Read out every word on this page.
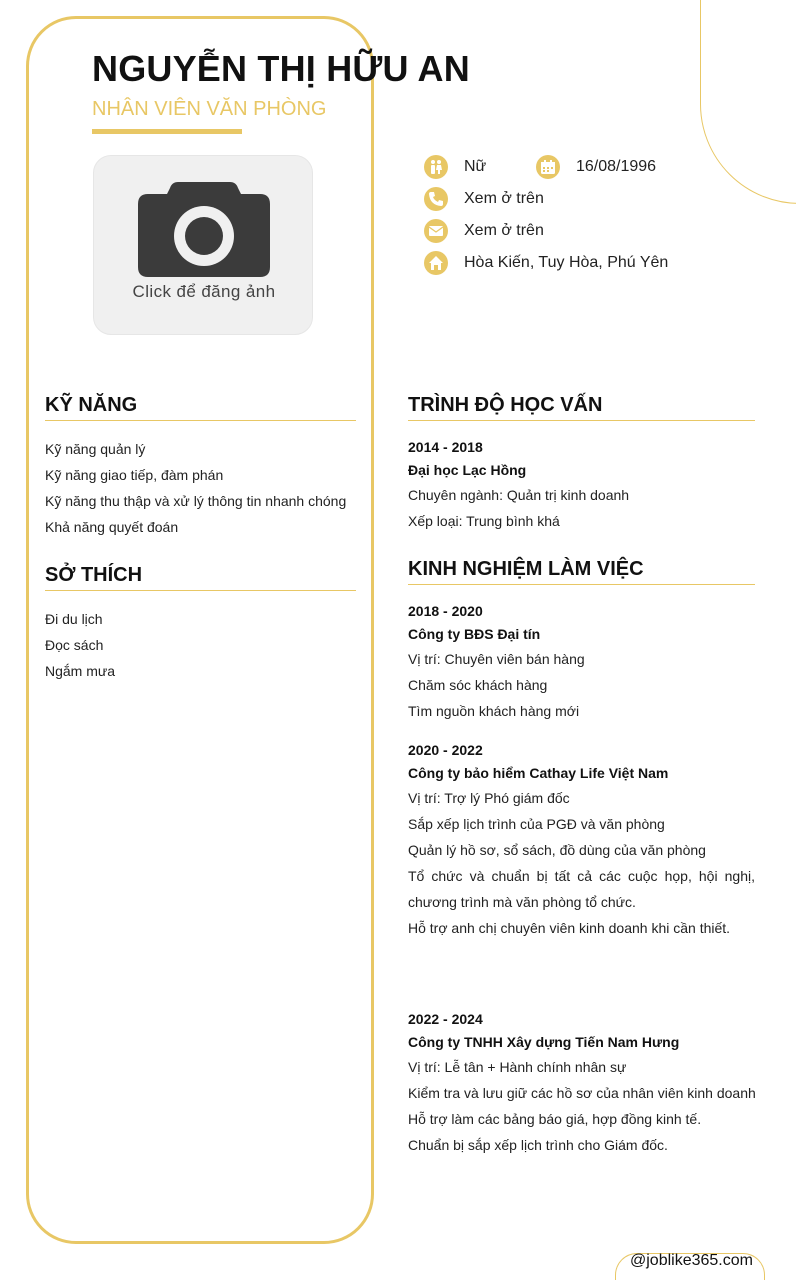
NGUYỄN THỊ HỮU AN
NHÂN VIÊN VĂN PHÒNG
Click để đăng ảnh
Nữ	16/08/1996
Xem ở trên
Xem ở trên
Hòa Kiến, Tuy Hòa, Phú Yên
KỸ NĂNG
Kỹ năng quản lý
Kỹ năng giao tiếp, đàm phán
Kỹ năng thu thập và xử lý thông tin nhanh chóng
Khả năng quyết đoán
SỞ THÍCH
Đi du lịch
Đọc sách
Ngắm mưa
TRÌNH ĐỘ HỌC VẤN
2014 - 2018
Đại học Lạc Hồng
Chuyên ngành: Quản trị kinh doanh
Xếp loại: Trung bình khá
KINH NGHIỆM LÀM VIỆC
2018 - 2020
Công ty BĐS Đại tín
Vị trí: Chuyên viên bán hàng
Chăm sóc khách hàng
Tìm nguồn khách hàng mới
2020 - 2022
Công ty bảo hiểm Cathay Life Việt Nam
Vị trí: Trợ lý Phó giám đốc
Sắp xếp lịch trình của PGĐ và văn phòng
Quản lý hồ sơ, sổ sách, đồ dùng của văn phòng
Tổ chức và chuẩn bị tất cả các cuộc họp, hội nghị,
chương trình mà văn phòng tổ chức.
Hỗ trợ anh chị chuyên viên kinh doanh khi cần thiết.
2022 - 2024
Công ty TNHH Xây dựng Tiến Nam Hưng
Vị trí: Lễ tân + Hành chính nhân sự
Kiểm tra và lưu giữ các hồ sơ của nhân viên kinh doanh
Hỗ trợ làm các bảng báo giá, hợp đồng kinh tế.
Chuẩn bị sắp xếp lịch trình cho Giám đốc.
@joblike365.com
